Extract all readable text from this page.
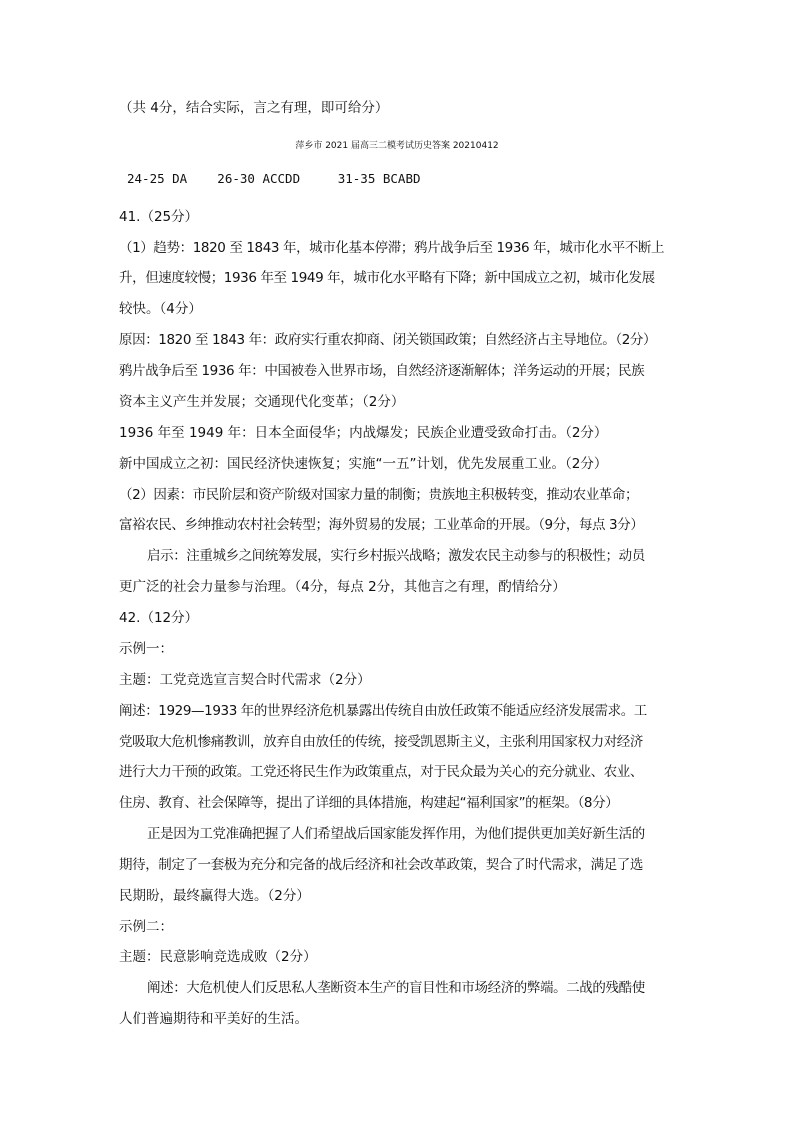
（共 4分，结合实际，言之有理，即可给分）
萍乡市 2021 届高三二模考试历史答案 20210412
24-25 DA    26-30 ACCDD     31-35 BCABD
41.（25分）
（1）趋势：1820 至 1843 年，城市化基本停滞；鸦片战争后至 1936 年，城市化水平不断上
升，但速度较慢；1936 年至 1949 年，城市化水平略有下降；新中国成立之初，城市化发展
较快。（4分）
原因：1820 至 1843 年：政府实行重农抑商、闭关锁国政策；自然经济占主导地位。（2分）
鸦片战争后至 1936 年：中国被卷入世界市场，自然经济逐渐解体；洋务运动的开展；民族
资本主义产生并发展；交通现代化变革；（2分）
1936 年至 1949 年：日本全面侵华；内战爆发；民族企业遭受致命打击。（2分）
新中国成立之初：国民经济快速恢复；实施“一五”计划，优先发展重工业。（2分）
（2）因素：市民阶层和资产阶级对国家力量的制衡；贵族地主积极转变，推动农业革命；
富裕农民、乡绅推动农村社会转型；海外贸易的发展；工业革命的开展。（9分，每点 3分）
启示：注重城乡之间统筹发展，实行乡村振兴战略；激发农民主动参与的积极性；动员
更广泛的社会力量参与治理。（4分，每点 2分，其他言之有理，酌情给分）
42.（12分）
示例一：
主题：工党竞选宣言契合时代需求（2分）
阐述：1929—1933 年的世界经济危机暴露出传统自由放任政策不能适应经济发展需求。工
党吸取大危机惨痛教训，放弃自由放任的传统，接受凯恩斯主义，主张利用国家权力对经济
进行大力干预的政策。工党还将民生作为政策重点，对于民众最为关心的充分就业、农业、
住房、教育、社会保障等，提出了详细的具体措施，构建起“福利国家”的框架。（8分）
正是因为工党准确把握了人们希望战后国家能发挥作用，为他们提供更加美好新生活的
期待，制定了一套极为充分和完备的战后经济和社会改革政策，契合了时代需求，满足了选
民期盼，最终赢得大选。（2分）
示例二：
主题：民意影响竞选成败（2分）
阐述：大危机使人们反思私人垄断资本生产的盲目性和市场经济的弊端。二战的残酷使
人们普遍期待和平美好的生活。
